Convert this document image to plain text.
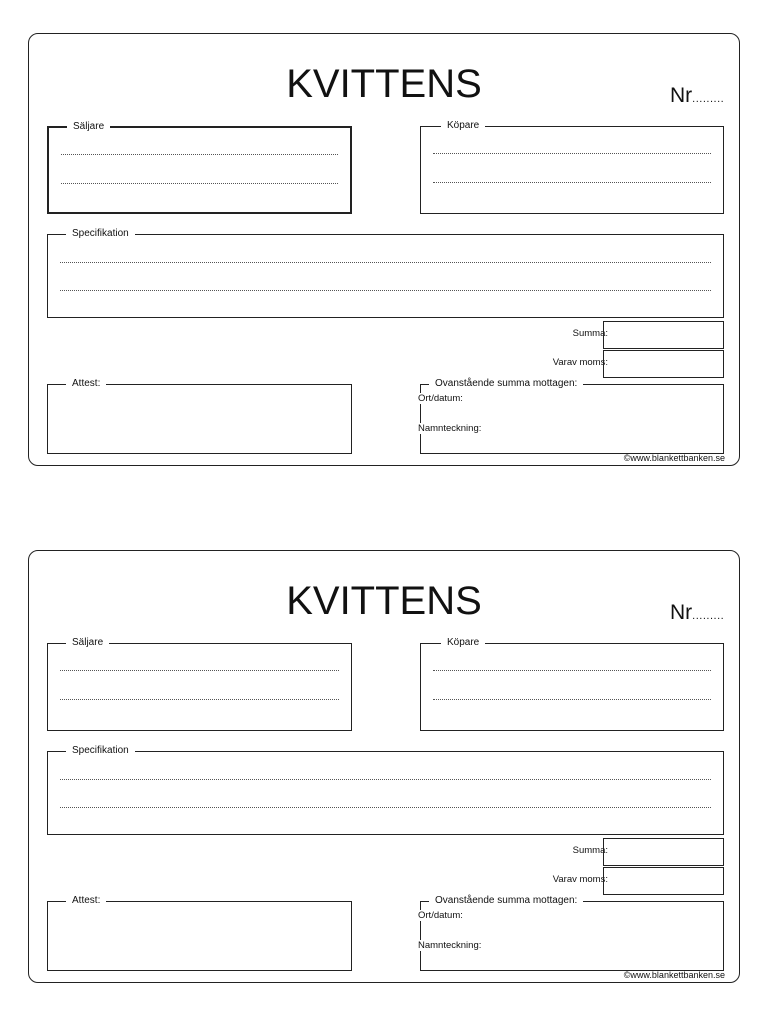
KVITTENS	Nr.........
Säljare	Köpare
Specifikation
Summa:
Varav moms:
Attest:	Ovanstående summa mottagen:
Ort/datum:
Namnteckning:
©www.blankettbanken.se
KVITTENS	Nr.........
Säljare	Köpare
Specifikation
Summa:
Varav moms:
Attest:	Ovanstående summa mottagen:
Ort/datum:
Namnteckning:
©www.blankettbanken.se
